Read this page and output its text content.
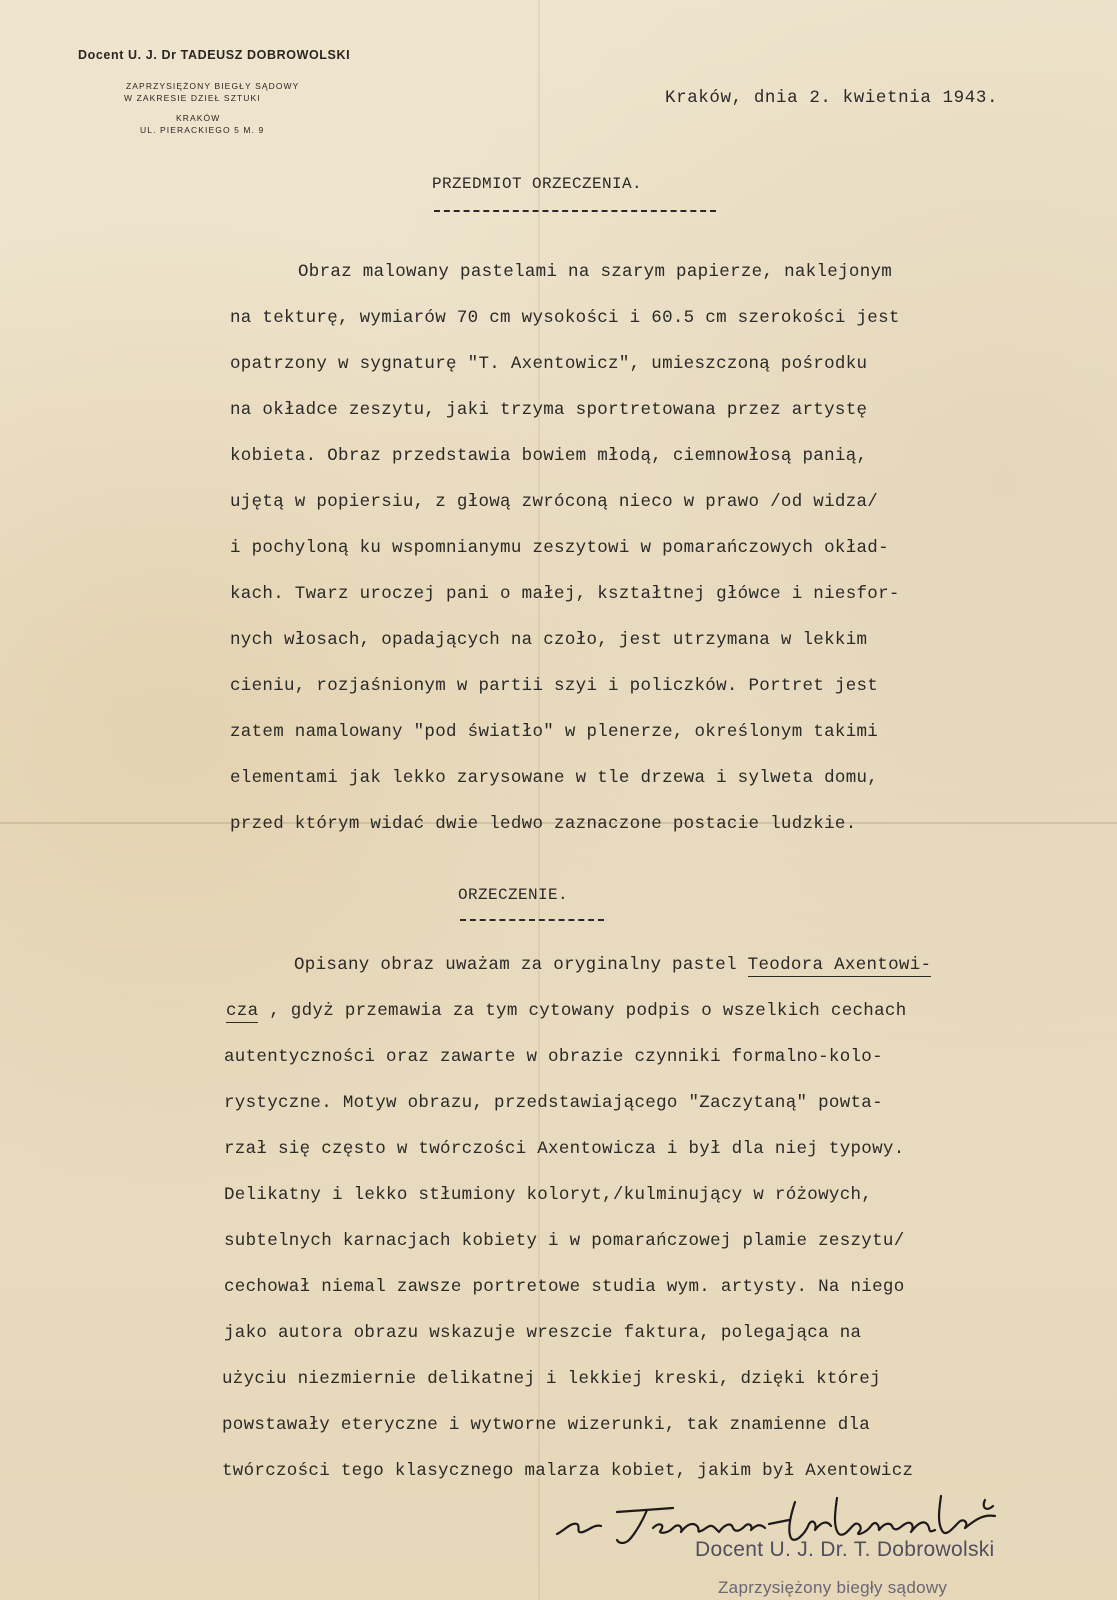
Docent U. J. Dr TADEUSZ DOBROWOLSKI
ZAPRZYSIĘŻONY BIEGŁY SĄDOWY
W ZAKRESIE DZIEŁ SZTUKI
KRAKÓW
UL. PIERACKIEGO 5 M. 9
Kraków, dnia 2. kwietnia 1943.
PRZEDMIOT ORZECZENIA.
Obraz malowany pastelami na szarym papierze, naklejonym
na tekturę, wymiarów 70 cm wysokości i 60.5 cm szerokości jest
opatrzony w sygnaturę "T. Axentowicz", umieszczoną pośrodku
na okładce zeszytu, jaki trzyma sportretowana przez artystę
kobieta. Obraz przedstawia bowiem młodą, ciemnowłosą panią,
ujętą w popiersiu, z głową zwróconą nieco w prawo /od widza/
i pochyloną ku wspomnianymu zeszytowi w pomarańczowych okład-
kach. Twarz uroczej pani o małej, kształtnej główce i niesfor-
nych włosach, opadających na czoło, jest utrzymana w lekkim
cieniu, rozjaśnionym w partii szyi i policzków. Portret jest
zatem namalowany "pod światło" w plenerze, określonym takimi
elementami jak lekko zarysowane w tle drzewa i sylweta domu,
przed którym widać dwie ledwo zaznaczone postacie ludzkie.
ORZECZENIE.
Opisany obraz uważam za oryginalny pastel Teodora Axentowi-
cza , gdyż przemawia za tym cytowany podpis o wszelkich cechach
autentyczności oraz zawarte w obrazie czynniki formalno-kolo-
rystyczne. Motyw obrazu, przedstawiającego "Zaczytaną" powta-
rzał się często w twórczości Axentowicza i był dla niej typowy.
Delikatny i lekko stłumiony koloryt,/kulminujący w różowych,
subtelnych karnacjach kobiety i w pomarańczowej plamie zeszytu/
cechował niemal zawsze portretowe studia wym. artysty. Na niego
jako autora obrazu wskazuje wreszcie faktura, polegająca na
użyciu niezmiernie delikatnej i lekkiej kreski, dzięki której
powstawały eteryczne i wytworne wizerunki, tak znamienne dla
twórczości tego klasycznego malarza kobiet, jakim był Axentowicz
Docent U. J. Dr. T. Dobrowolski
Zaprzysiężony biegły sądowy
